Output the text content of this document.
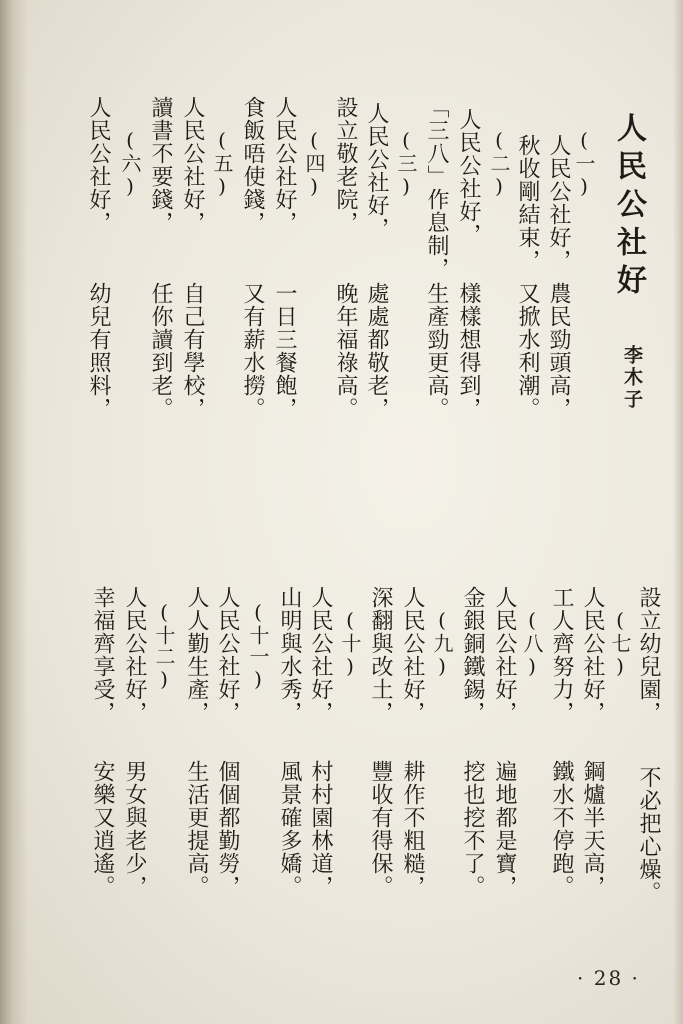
人民公社好
李木子
(一)
人民公社好，
農民勁頭高，
秋收剛結束，
又掀水利潮。
(二)
人民公社好，
樣樣想得到，
「三八」作息制，
生產勁更高。
(三)
人民公社好，
處處都敬老，
設立敬老院，
晚年福祿高。
(四)
人民公社好，
一日三餐飽，
食飯唔使錢，
又有薪水撈。
(五)
人民公社好，
自己有學校，
讀書不要錢，
任你讀到老。
(六)
人民公社好，
幼兒有照料，
設立幼兒園，
不必把心燥。
(七)
人民公社好，
鋼爐半天高，
工人齊努力，
鐵水不停跑。
(八)
人民公社好，
遍地都是寶，
金銀銅鐵錫，
挖也挖不了。
(九)
人民公社好，
耕作不粗糙，
深翻與改土，
豐收有得保。
(十)
人民公社好，
村村園林道，
山明與水秀，
風景確多嬌。
(十一)
人民公社好，
個個都勤勞，
人人勤生產，
生活更提高。
(十二)
人民公社好，
男女與老少，
幸福齊享受，
安樂又逍遙。
· 28 ·
